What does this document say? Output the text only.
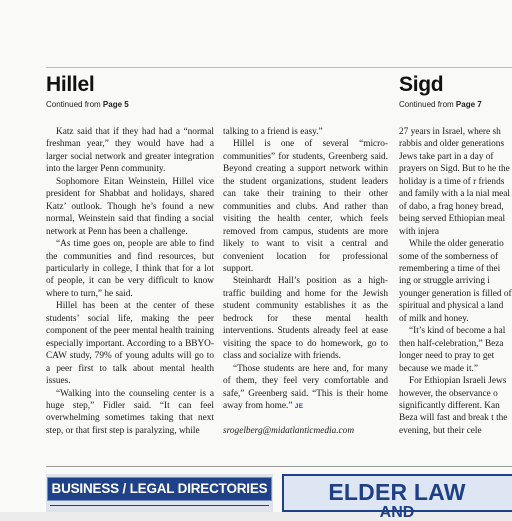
Hillel
Continued from Page 5
Sigd
Continued from Page 7

Katz said that if they had had a “normal freshman year,” they would have had a larger social network and greater integration into the larger Penn community.

Sophomore Eitan Weinstein, Hillel vice president for Shabbat and holidays, shared Katz’ outlook. Though he’s found a new normal, Weinstein said that finding a social network at Penn has been a challenge.

“As time goes on, people are able to find the communities and find resources, but particularly in college, I think that for a lot of people, it can be very difficult to know where to turn,” he said.

Hillel has been at the center of these students’ social life, making the peer component of the peer mental health training especially important. According to a BBYO-CAW study, 79% of young adults will go to a peer first to talk about mental health issues.

“Walking into the counseling center is a huge step,” Fidler said. “It can feel overwhelming sometimes taking that next step, or that first step is paralyzing, while

talking to a friend is easy.”

Hillel is one of several “micro-communities” for students, Greenberg said. Beyond creating a support network within the student organizations, student leaders can take their training to their other communities and clubs. And rather than visiting the health center, which feels removed from campus, students are more likely to want to visit a central and convenient location for professional support.

Steinhardt Hall’s position as a high-traffic building and home for the Jewish student community establishes it as the bedrock for these mental health interventions. Students already feel at ease visiting the space to do homework, go to class and socialize with friends.

“Those students are here and, for many of them, they feel very comfortable and safe,” Greenberg said. “This is their home away from home.” JE

srogelberg@midatlanticmedia.com

27 years in Israel, where sh rabbis and older generations Jews take part in a day of prayers on Sigd. But to he the holiday is a time of r friends and family with a la nial meal of dabo, a frag honey bread, being served Ethiopian meal with injera

While the older generatio some of the somberness of remembering a time of thei ing or struggle arriving i younger generation is filled of spiritual and physical a land of milk and honey.

“It’s kind of become a hal then half-celebration,” Beza longer need to pray to get because we made it.”

For Ethiopian Israeli Jews however, the observance o significantly different. Kan Beza will fast and break t the evening, but their cele

BUSINESS / LEGAL DIRECTORIES	ELDER LAW
AND
